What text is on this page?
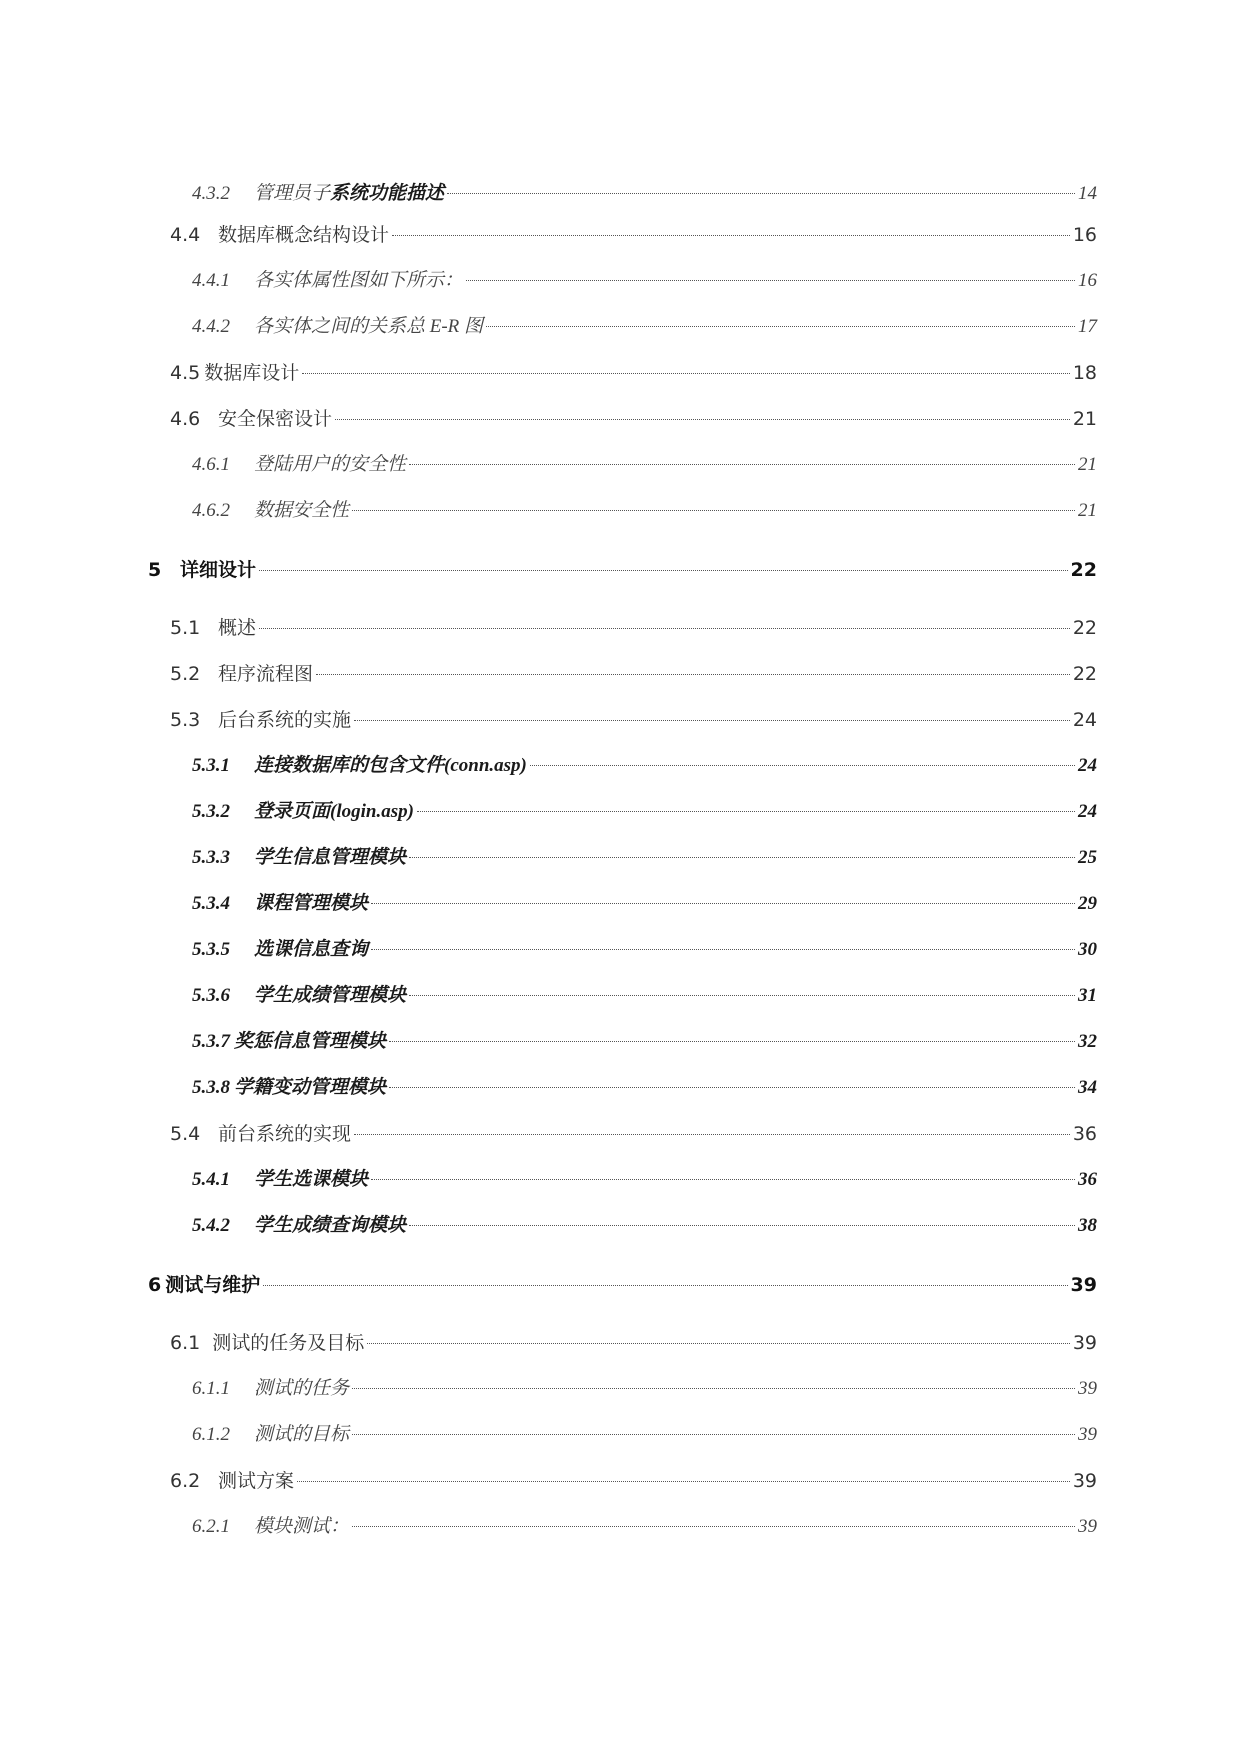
4.3.2	管理员子系统功能描述	14
4.4 数据库概念结构设计	16
4.4.1	各实体属性图如下所示：	16
4.4.2	各实体之间的关系总 E-R 图	17
4.5 数据库设计	18
4.6 安全保密设计	21
4.6.1	登陆用户的安全性	21
4.6.2	数据安全性	21
5 详细设计	22
5.1 概述	22
5.2 程序流程图	22
5.3 后台系统的实施	24
5.3.1	连接数据库的包含文件(conn.asp)	24
5.3.2	登录页面(login.asp)	24
5.3.3	学生信息管理模块	25
5.3.4	课程管理模块	29
5.3.5	选课信息查询	30
5.3.6	学生成绩管理模块	31
5.3.7 奖惩信息管理模块	32
5.3.8 学籍变动管理模块	34
5.4 前台系统的实现	36
5.4.1	学生选课模块	36
5.4.2	学生成绩查询模块	38
6 测试与维护	39
6.1 测试的任务及目标	39
6.1.1	测试的任务	39
6.1.2	测试的目标	39
6.2 测试方案	39
6.2.1	模块测试：	39
